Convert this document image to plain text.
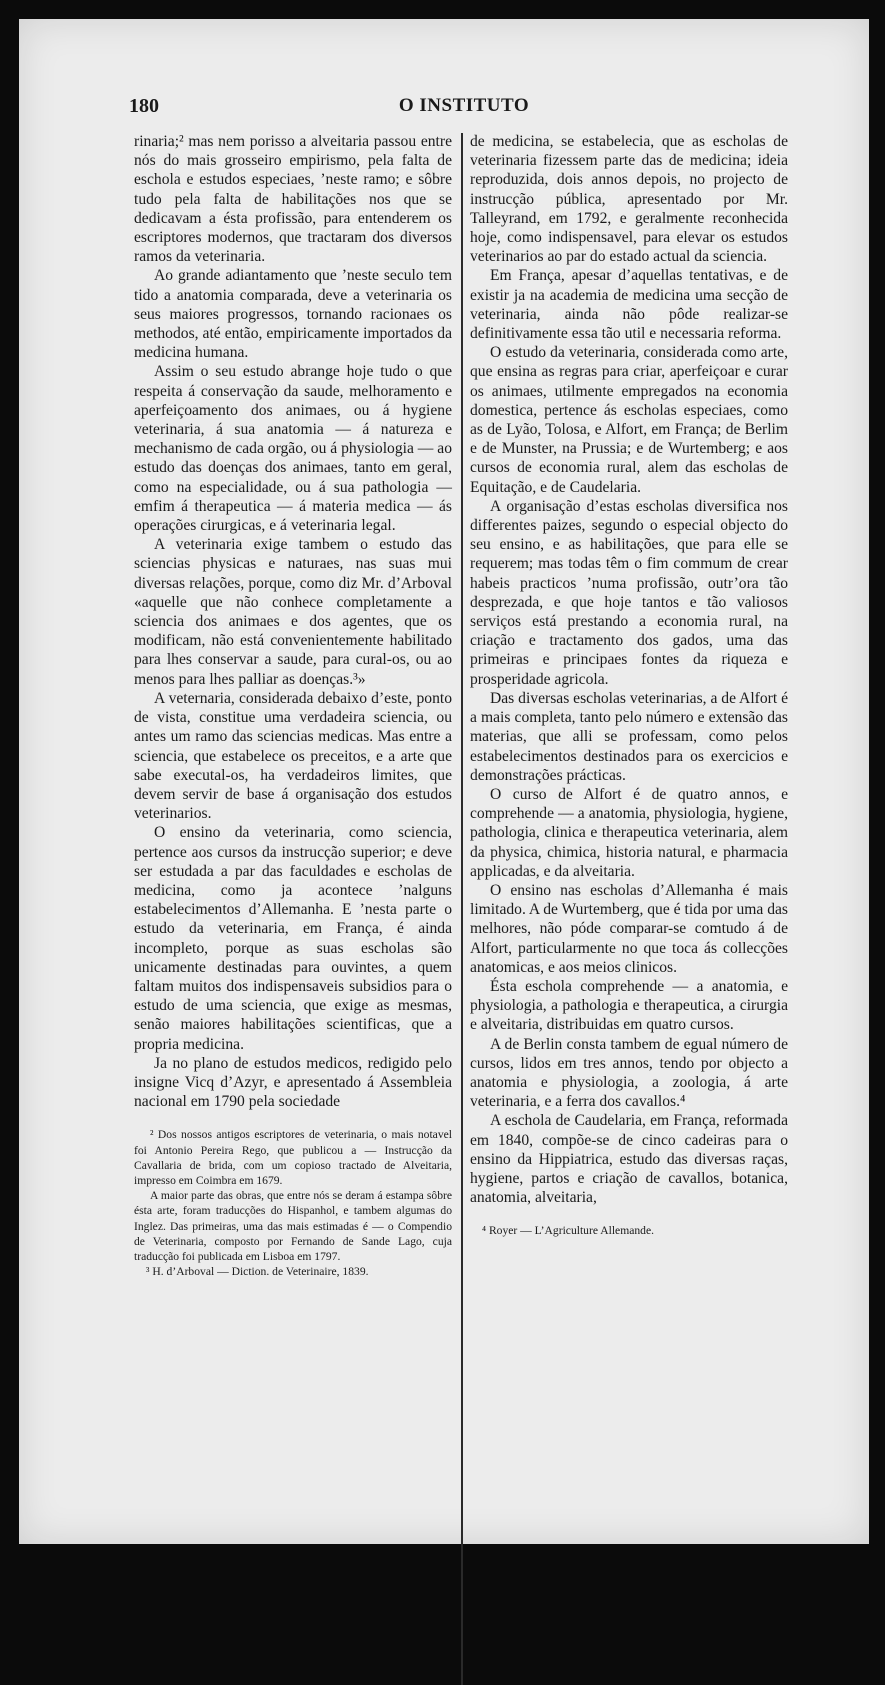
180	O INSTITUTO

rinaria;² mas nem porisso a alveitaria passou entre nós do mais grosseiro empirismo, pela falta de eschola e estudos especiaes, ’neste ramo; e sôbre tudo pela falta de habilitações nos que se dedicavam a ésta profissão, para entenderem os escriptores modernos, que tractaram dos diversos ramos da veterinaria.

Ao grande adiantamento que ’neste seculo tem tido a anatomia comparada, deve a veterinaria os seus maiores progressos, tornando racionaes os methodos, até então, empiricamente importados da medicina humana.

Assim o seu estudo abrange hoje tudo o que respeita á conservação da saude, melhoramento e aperfeiçoamento dos animaes, ou á hygiene veterinaria, á sua anatomia — á natureza e mechanismo de cada orgão, ou á physiologia — ao estudo das doenças dos animaes, tanto em geral, como na especialidade, ou á sua pathologia — emfim á therapeutica — á materia medica — ás operações cirurgicas, e á veterinaria legal.

A veterinaria exige tambem o estudo das sciencias physicas e naturaes, nas suas mui diversas relações, porque, como diz Mr. d’Arboval «aquelle que não conhece completamente a sciencia dos animaes e dos agentes, que os modificam, não está convenientemente habilitado para lhes conservar a saude, para cural-os, ou ao menos para lhes palliar as doenças.³»

A veternaria, considerada debaixo d’este, ponto de vista, constitue uma verdadeira sciencia, ou antes um ramo das sciencias medicas. Mas entre a sciencia, que estabelece os preceitos, e a arte que sabe executal-os, ha verdadeiros limites, que devem servir de base á organisação dos estudos veterinarios.

O ensino da veterinaria, como sciencia, pertence aos cursos da instrucção superior; e deve ser estudada a par das faculdades e escholas de medicina, como ja acontece ’nalguns estabelecimentos d’Allemanha. E ’nesta parte o estudo da veterinaria, em França, é ainda incompleto, porque as suas escholas são unicamente destinadas para ouvintes, a quem faltam muitos dos indispensaveis subsidios para o estudo de uma sciencia, que exige as mesmas, senão maiores habilitações scientificas, que a propria medicina.

Ja no plano de estudos medicos, redigido pelo insigne Vicq d’Azyr, e apresentado á Assembleia nacional em 1790 pela sociedade

² Dos nossos antigos escriptores de veterinaria, o mais notavel foi Antonio Pereira Rego, que publicou a — Instrucção da Cavallaria de brida, com um copioso tractado de Alveitaria, impresso em Coimbra em 1679.

A maior parte das obras, que entre nós se deram á estampa sôbre ésta arte, foram traducções do Hispanhol, e tambem algumas do Inglez. Das primeiras, uma das mais estimadas é — o Compendio de Veterinaria, composto por Fernando de Sande Lago, cuja traducção foi publicada em Lisboa em 1797.

³ H. d’Arboval — Diction. de Veterinaire, 1839.

de medicina, se estabelecia, que as escholas de veterinaria fizessem parte das de medicina; ideia reproduzida, dois annos depois, no projecto de instrucção pública, apresentado por Mr. Talleyrand, em 1792, e geralmente reconhecida hoje, como indispensavel, para elevar os estudos veterinarios ao par do estado actual da sciencia.

Em França, apesar d’aquellas tentativas, e de existir ja na academia de medicina uma secção de veterinaria, ainda não pôde realizar-se definitivamente essa tão util e necessaria reforma.

O estudo da veterinaria, considerada como arte, que ensina as regras para criar, aperfeiçoar e curar os animaes, utilmente empregados na economia domestica, pertence ás escholas especiaes, como as de Lyão, Tolosa, e Alfort, em França; de Berlim e de Munster, na Prussia; e de Wurtemberg; e aos cursos de economia rural, alem das escholas de Equitação, e de Caudelaria.

A organisação d’estas escholas diversifica nos differentes paizes, segundo o especial objecto do seu ensino, e as habilitações, que para elle se requerem; mas todas têm o fim commum de crear habeis practicos ’numa profissão, outr’ora tão desprezada, e que hoje tantos e tão valiosos serviços está prestando a economia rural, na criação e tractamento dos gados, uma das primeiras e principaes fontes da riqueza e prosperidade agricola.

Das diversas escholas veterinarias, a de Alfort é a mais completa, tanto pelo número e extensão das materias, que alli se professam, como pelos estabelecimentos destinados para os exercicios e demonstrações prácticas.

O curso de Alfort é de quatro annos, e comprehende — a anatomia, physiologia, hygiene, pathologia, clinica e therapeutica veterinaria, alem da physica, chimica, historia natural, e pharmacia applicadas, e da alveitaria.

O ensino nas escholas d’Allemanha é mais limitado. A de Wurtemberg, que é tida por uma das melhores, não póde comparar-se comtudo á de Alfort, particularmente no que toca ás collecções anatomicas, e aos meios clinicos.

Ésta eschola comprehende — a anatomia, e physiologia, a pathologia e therapeutica, a cirurgia e alveitaria, distribuidas em quatro cursos.

A de Berlin consta tambem de egual número de cursos, lidos em tres annos, tendo por objecto a anatomia e physiologia, a zoologia, á arte veterinaria, e a ferra dos cavallos.⁴

A eschola de Caudelaria, em França, reformada em 1840, compõe-se de cinco cadeiras para o ensino da Hippiatrica, estudo das diversas raças, hygiene, partos e criação de cavallos, botanica, anatomia, alveitaria,

⁴ Royer — L’Agriculture Allemande.
